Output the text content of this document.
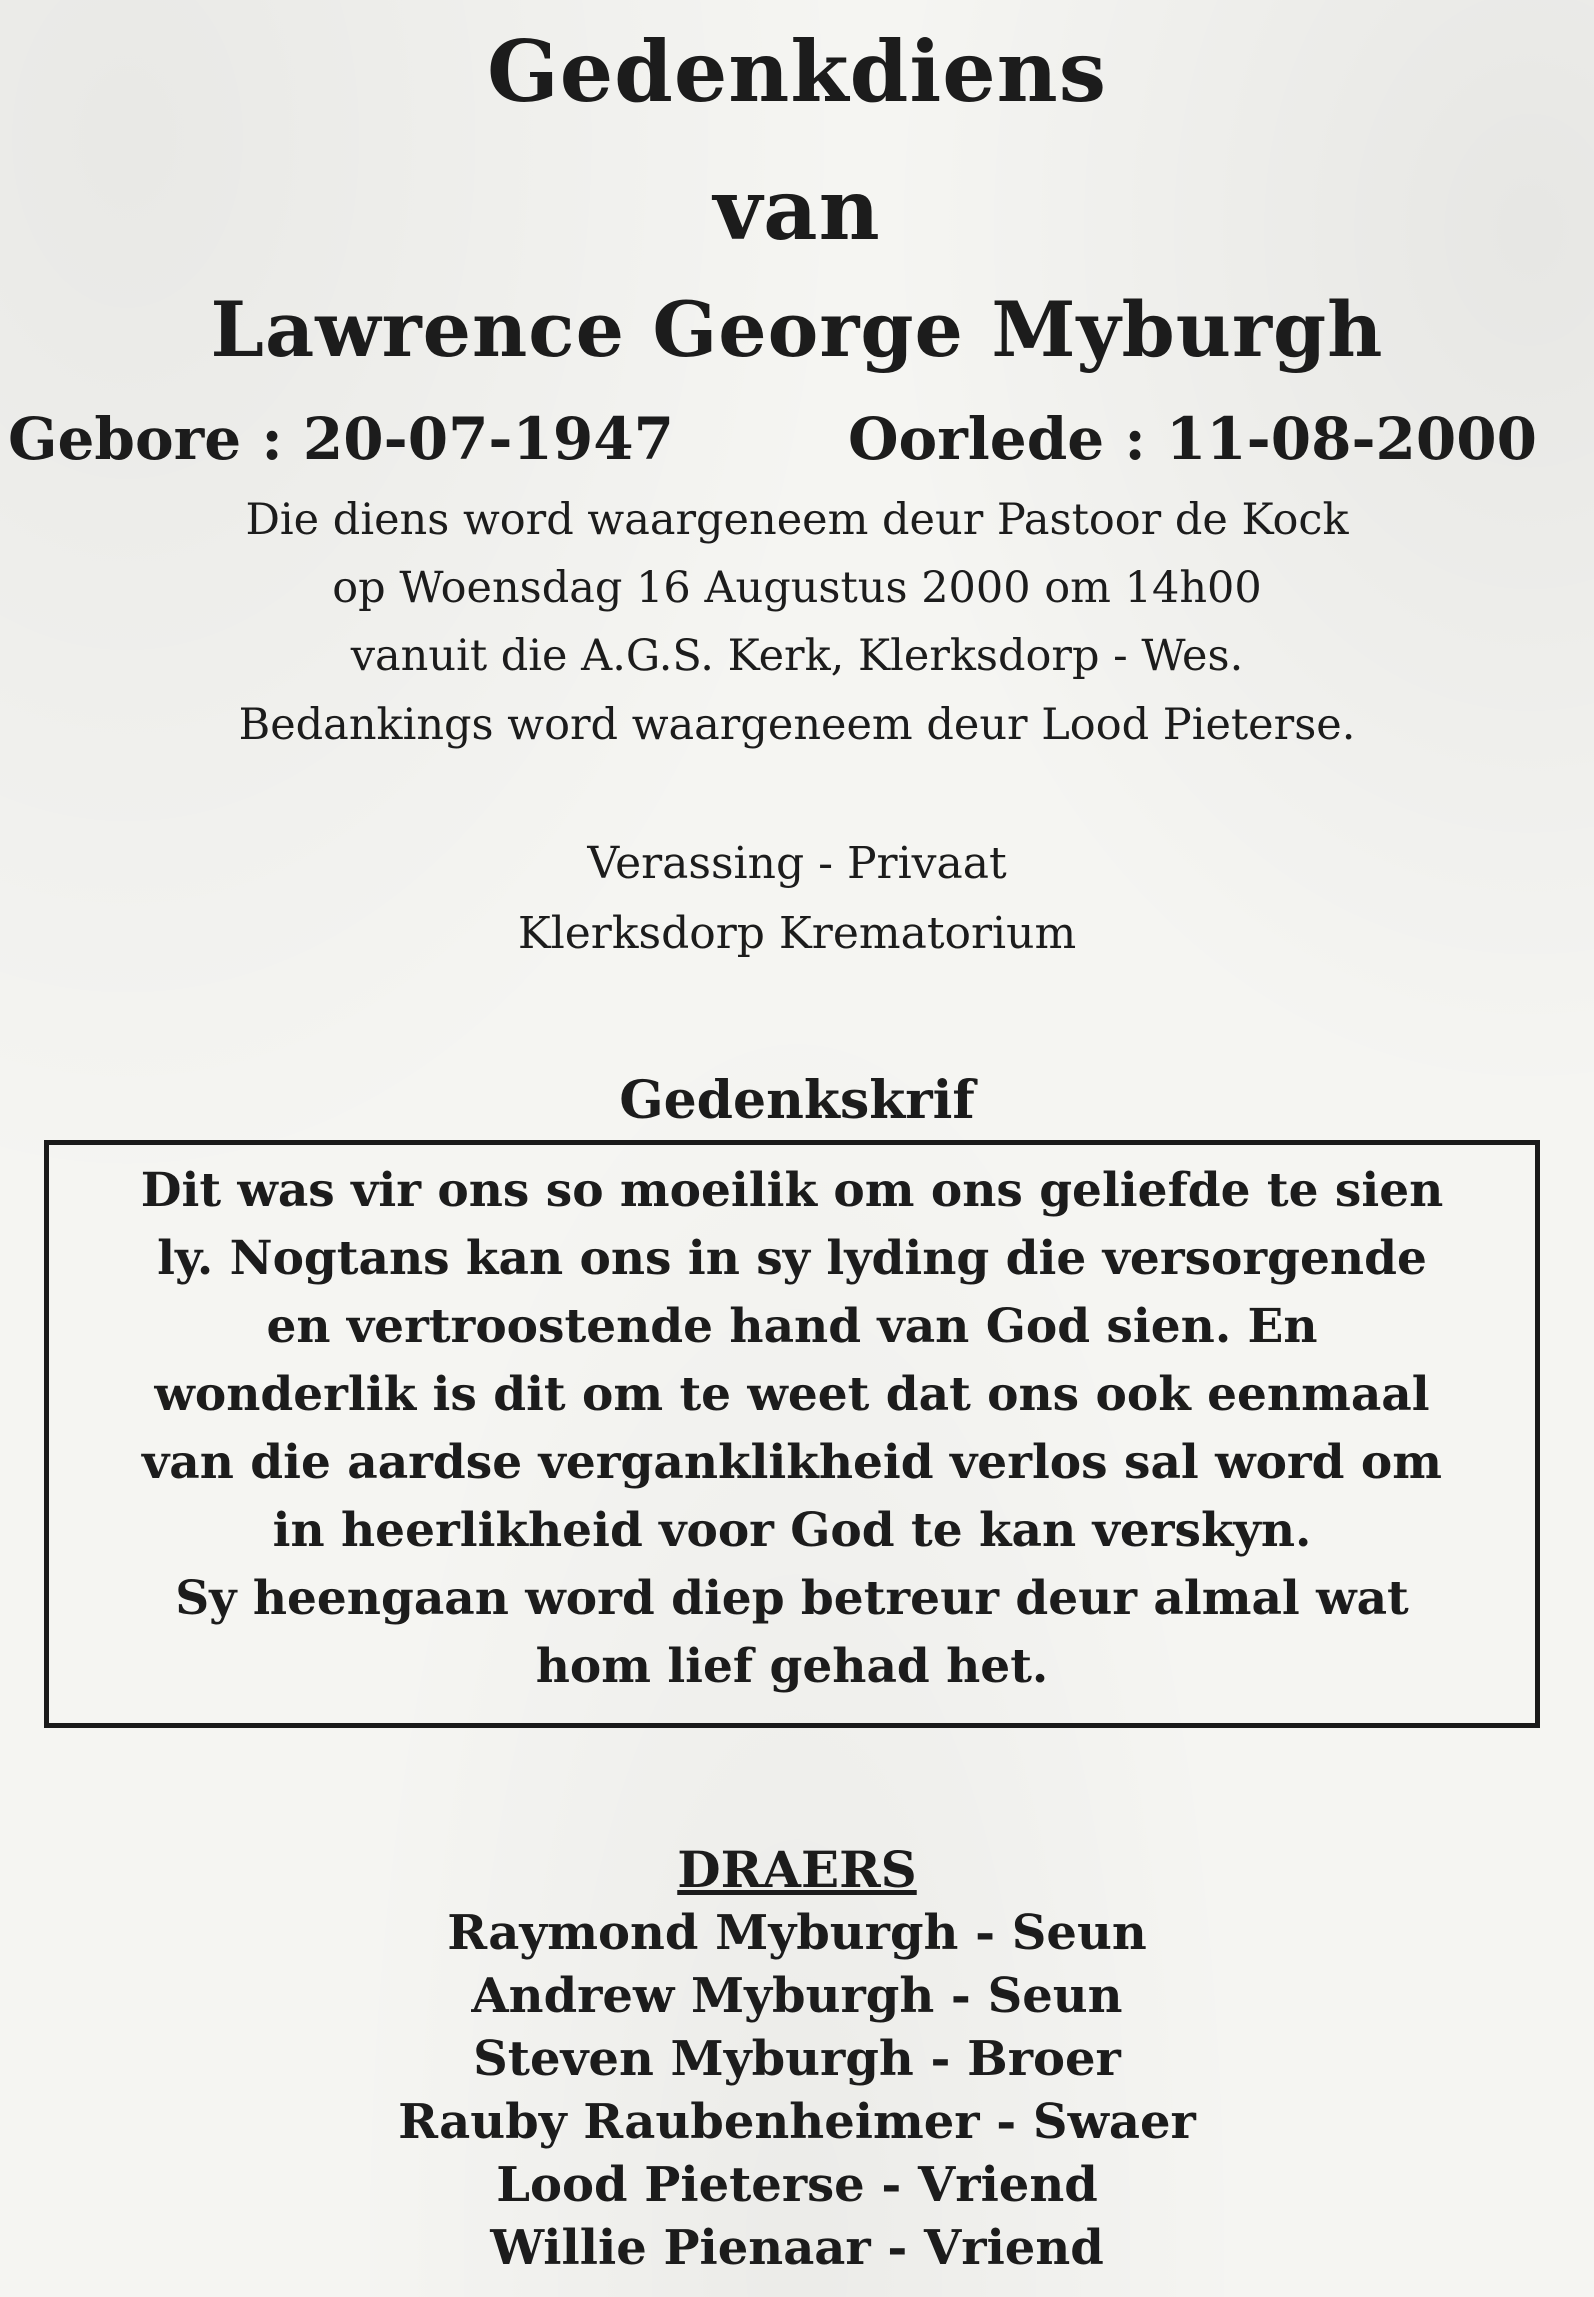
Gedenkdiens
van
Lawrence George Myburgh
Gebore : 20-07-1947	Oorlede : 11-08-2000
Die diens word waargeneem deur Pastoor de Kock
op Woensdag 16 Augustus 2000 om 14h00
vanuit die A.G.S. Kerk, Klerksdorp - Wes.
Bedankings word waargeneem deur Lood Pieterse.
Verassing - Privaat
Klerksdorp Krematorium
Gedenkskrif
Dit was vir ons so moeilik om ons geliefde te sien
ly. Nogtans kan ons in sy lyding die versorgende
en vertroostende hand van God sien. En
wonderlik is dit om te weet dat ons ook eenmaal
van die aardse verganklikheid verlos sal word om
in heerlikheid voor God te kan verskyn.
Sy heengaan word diep betreur deur almal wat
hom lief gehad het.
DRAERS
Raymond Myburgh - Seun
Andrew Myburgh - Seun
Steven Myburgh - Broer
Rauby Raubenheimer - Swaer
Lood Pieterse - Vriend
Willie Pienaar - Vriend
